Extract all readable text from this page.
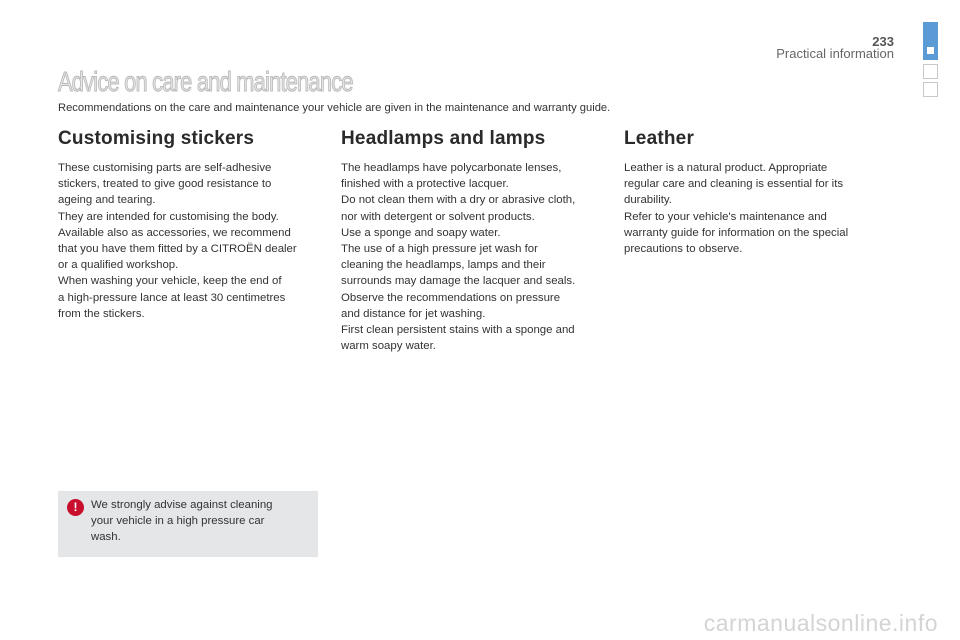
233
Practical information
Advice on care and maintenance
Recommendations on the care and maintenance your vehicle are given in the maintenance and warranty guide.
Customising stickers

These customising parts are self-adhesive
stickers, treated to give good resistance to
ageing and tearing.
They are intended for customising the body.
Available also as accessories, we recommend
that you have them fitted by a CITROËN dealer
or a qualified workshop.
When washing your vehicle, keep the end of
a high-pressure lance at least 30 centimetres
from the stickers.

Headlamps and lamps

The headlamps have polycarbonate lenses,
finished with a protective lacquer.
Do not clean them with a dry or abrasive cloth,
nor with detergent or solvent products.
Use a sponge and soapy water.
The use of a high pressure jet wash for
cleaning the headlamps, lamps and their
surrounds may damage the lacquer and seals.
Observe the recommendations on pressure
and distance for jet washing.
First clean persistent stains with a sponge and
warm soapy water.

Leather

Leather is a natural product. Appropriate
regular care and cleaning is essential for its
durability.
Refer to your vehicle's maintenance and
warranty guide for information on the special
precautions to observe.

!	We strongly advise against cleaning
your vehicle in a high pressure car
wash.
carmanualsonline.info
